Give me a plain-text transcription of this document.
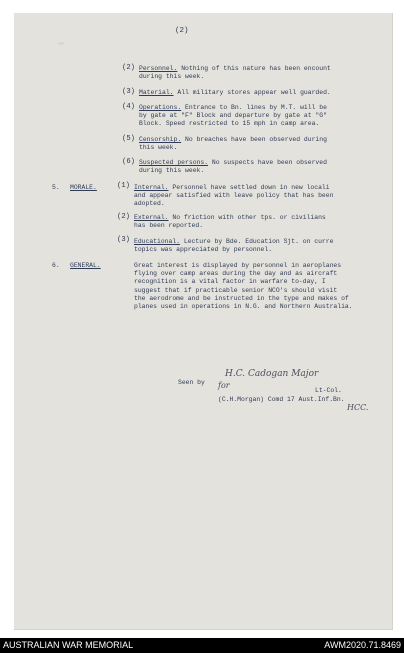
(2)
(2) Personnel. Nothing of this nature has been encount
during this week.
(3) Material. All military stores appear well guarded.
(4) Operations. Entrance to Bn. lines by M.T. will be
by gate at "F" Block and departure by gate at "G"
Block. Speed restricted to 15 mph in camp area.
(5) Censorship. No breaches have been observed during
this week.
(6) Suspected persons. No suspects have been observed
during this week.
5. MORALE.	(1) Internal. Personnel have settled down in new locali
and appear satisfied with leave policy that has been
adopted.
(2) External. No friction with other tps. or civilians
has been reported.
(3) Educational. Lecture by Bde. Education Sjt. on curre
topics was appreciated by personnel.
6. GENERAL.	Great interest is displayed by personnel in aeroplanes
flying over camp areas during the day and as aircraft
recognition is a vital factor in warfare to-day, I
suggest that if practicable senior NCO's should visit
the aerodrome and be instructed in the type and makes of
planes used in operations in N.G. and Northern Australia.
H.C. Cadogan Major
Seen by for
Lt-Col.
(C.H.Morgan) Comd 17 Aust.Inf.Bn.
HCC.
AUSTRALIAN WAR MEMORIAL	AWM2020.71.8469
